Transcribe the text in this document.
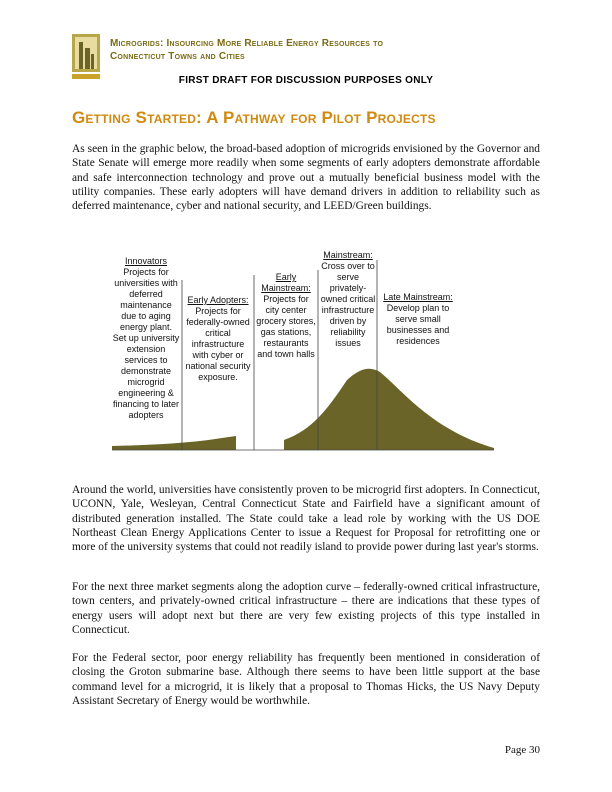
Microgrids: Insourcing More Reliable Energy Resources to
Connecticut Towns and Cities
FIRST DRAFT FOR DISCUSSION PURPOSES ONLY
Getting Started: A Pathway for Pilot Projects

As seen in the graphic below, the broad-based adoption of microgrids envisioned by the Governor and State Senate will emerge more readily when some segments of early adopters demonstrate affordable and safe interconnection technology and prove out a mutually beneficial business model with the utility companies. These early adopters will have demand drivers in addition to reliability such as deferred maintenance, cyber and national security, and LEED/Green buildings.

Innovators
Projects for universities with deferred maintenance due to aging energy plant. Set up university extension services to demonstrate microgrid engineering & financing to later adopters
Early Adopters:
Projects for federally-owned critical infrastructure with cyber or national security exposure.
Early Mainstream:
Projects for city center grocery stores, gas stations, restaurants and town halls
Mainstream:
Cross over to serve privately-owned critical infrastructure driven by reliability issues
Late Mainstream:
Develop plan to serve small businesses and residences

Around the world, universities have consistently proven to be microgrid first adopters. In Connecticut, UCONN, Yale, Wesleyan, Central Connecticut State and Fairfield have a significant amount of distributed generation installed. The State could take a lead role by working with the US DOE Northeast Clean Energy Applications Center to issue a Request for Proposal for retrofitting one or more of the university systems that could not readily island to provide power during last year's storms.

For the next three market segments along the adoption curve – federally-owned critical infrastructure, town centers, and privately-owned critical infrastructure – there are indications that these types of energy users will adopt next but there are very few existing projects of this type installed in Connecticut.

For the Federal sector, poor energy reliability has frequently been mentioned in consideration of closing the Groton submarine base. Although there seems to have been little support at the base command level for a microgrid, it is likely that a proposal to Thomas Hicks, the US Navy Deputy Assistant Secretary of Energy would be worthwhile.

Page 30
